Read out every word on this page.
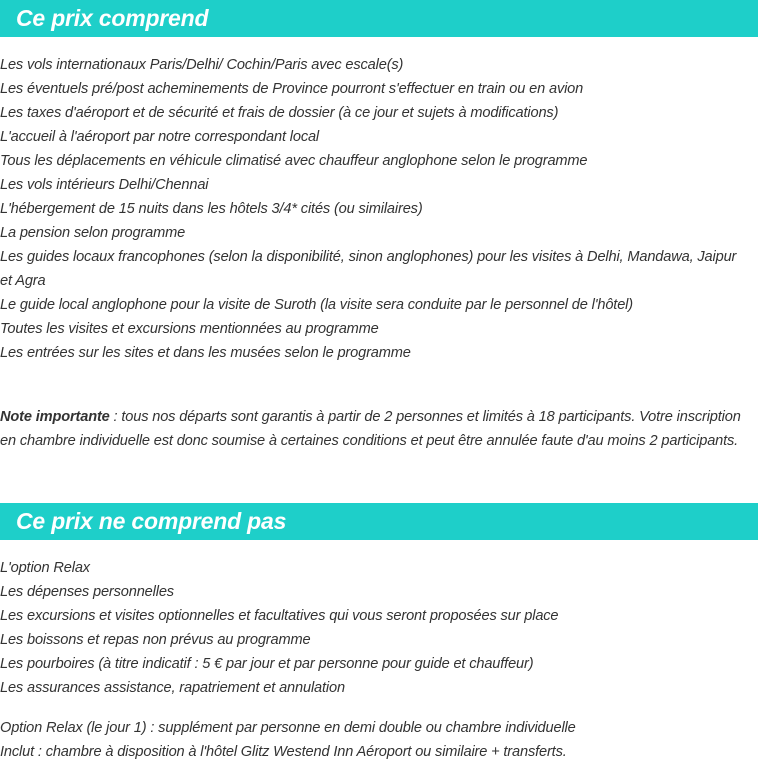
Ce prix comprend
Les vols internationaux Paris/Delhi/ Cochin/Paris avec escale(s)
Les éventuels pré/post acheminements de Province pourront s'effectuer en train ou en avion
Les taxes d'aéroport et de sécurité et frais de dossier (à ce jour et sujets à modifications)
L'accueil à l'aéroport par notre correspondant local
Tous les déplacements en véhicule climatisé avec chauffeur anglophone selon le programme
Les vols intérieurs Delhi/Chennai
L'hébergement de 15 nuits dans les hôtels 3/4* cités (ou similaires)
La pension selon programme
Les guides locaux francophones (selon la disponibilité, sinon anglophones) pour les visites à Delhi, Mandawa, Jaipur et Agra
Le guide local anglophone pour la visite de Suroth (la visite sera conduite par le personnel de l'hôtel)
Toutes les visites et excursions mentionnées au programme
Les entrées sur les sites et dans les musées selon le programme
Note importante : tous nos départs sont garantis à partir de 2 personnes et limités à 18 participants. Votre inscription en chambre individuelle est donc soumise à certaines conditions et peut être annulée faute d'au moins 2 participants.
Ce prix ne comprend pas
L'option Relax
Les dépenses personnelles
Les excursions et visites optionnelles et facultatives qui vous seront proposées sur place
Les boissons et repas non prévus au programme
Les pourboires (à titre indicatif : 5 € par jour et par personne pour guide et chauffeur)
Les assurances assistance, rapatriement et annulation
Option Relax (le jour 1) : supplément par personne en demi double ou chambre individuelle
Inclut : chambre à disposition à l'hôtel Glitz Westend Inn Aéroport ou similaire + transferts.
